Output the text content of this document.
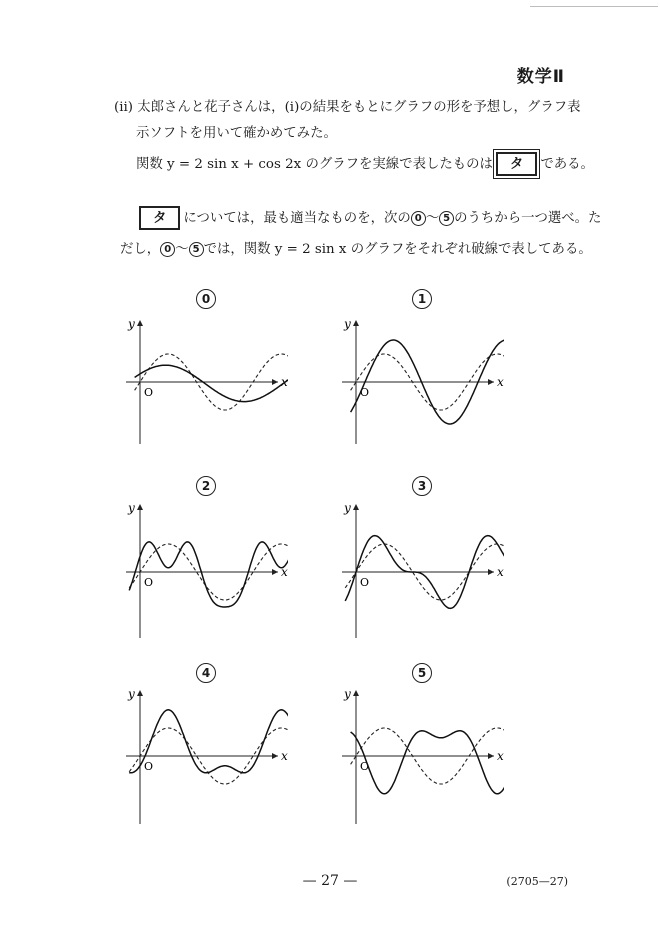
数学Ⅱ
(ⅱ) 太郎さんと花子さんは，(ⅰ)の結果をもとにグラフの形を予想し，グラフ表
示ソフトを用いて確かめてみた。
関数 y = 2 sin x + cos 2x のグラフを実線で表したものは タ である。
タ については，最も適当なものを，次の 0 ～ 5 のうちから一つ選べ。た
だし， 0 ～ 5 では，関数 y = 2 sin x のグラフをそれぞれ破線で表してある。
0	1
2	3
4	5
x
y
O
x
y
O
x
y
O
x
y
O
x
y
O
x
y
O
— 27 —	(2705—27)
